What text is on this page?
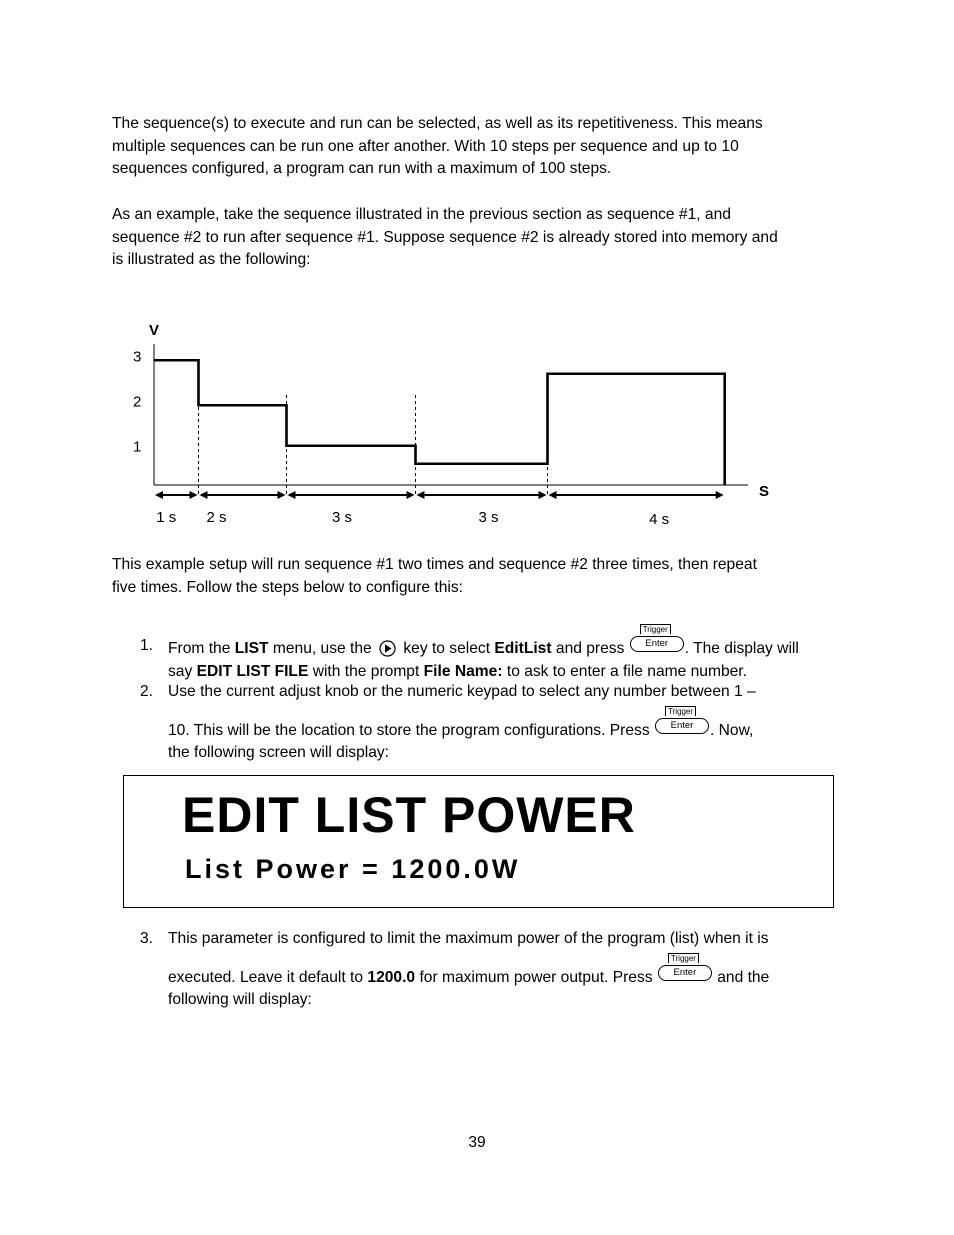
The sequence(s) to execute and run can be selected, as well as its repetitiveness. This means
multiple sequences can be run one after another. With 10 steps per sequence and up to 10
sequences configured, a program can run with a maximum of 100 steps.

As an example, take the sequence illustrated in the previous section as sequence #1, and
sequence #2 to run after sequence #1. Suppose sequence #2 is already stored into memory and
is illustrated as the following:

V
S
1
2
3
1 s 2 s	3 s	3 s	4 s

This example setup will run sequence #1 two times and sequence #2 three times, then repeat
five times. Follow the steps below to configure this:

1. From the LIST menu, use the  key to select EditList and press
Trigger
Enter	. The display will
say EDIT LIST FILE with the prompt File Name: to ask to enter a file name number.
2. Use the current adjust knob or the numeric keypad to select any number between 1 –
10. This will be the location to store the program configurations. Press
Trigger
Enter	. Now,
the following screen will display:
EDIT LIST POWER
List Power = 1200.0W
3. This parameter is configured to limit the maximum power of the program (list) when it is
executed. Leave it default to 1200.0 for maximum power output. Press
Trigger
Enter	and the
following will display:
39
